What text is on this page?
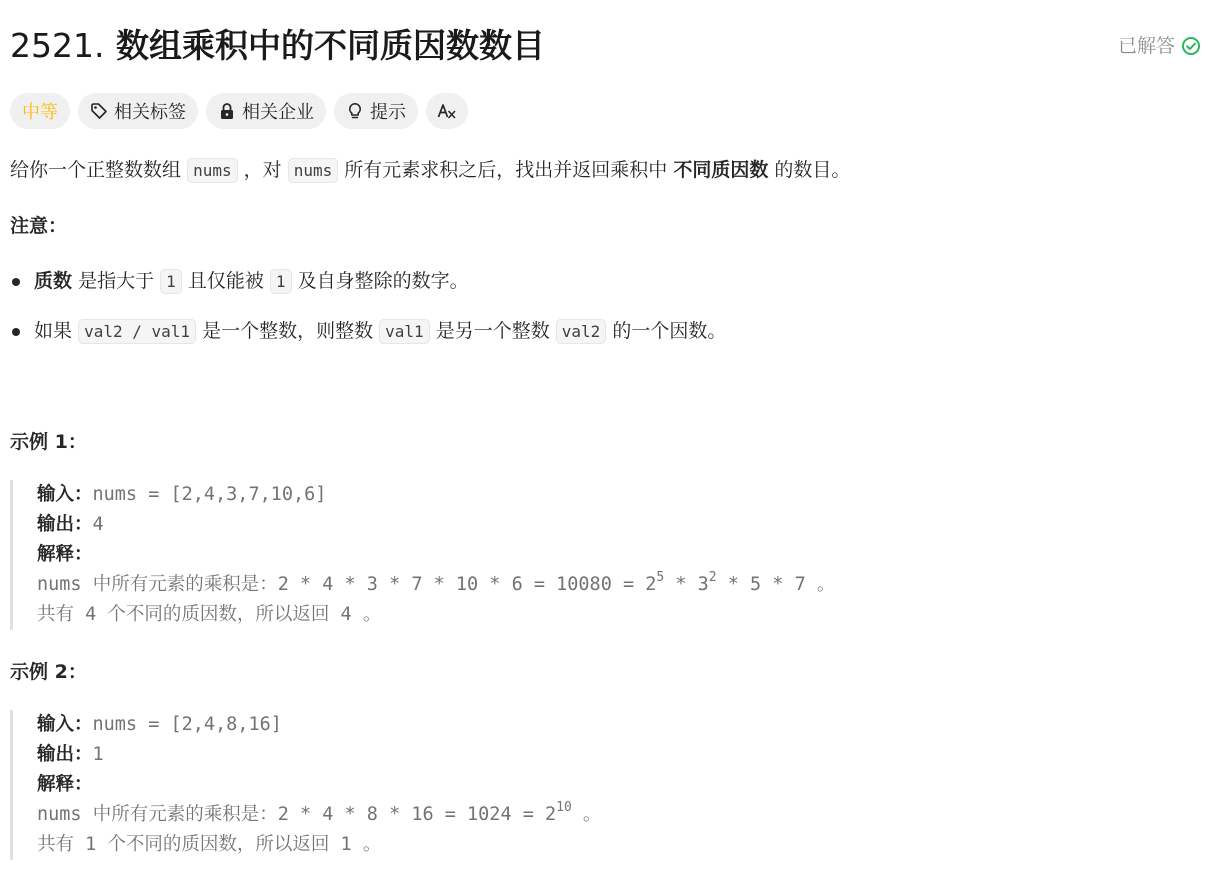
2521. 数组乘积中的不同质因数数目	已解答
中等	相关标签	相关企业	提示
给你一个正整数数组 nums ，对 nums 所有元素求积之后，找出并返回乘积中 不同质因数 的数目。
注意：
质数 是指大于 1 且仅能被 1 及自身整除的数字。
如果 val2 / val1 是一个整数，则整数 val1 是另一个整数 val2 的一个因数。
示例 1：
输入：nums = [2,4,3,7,10,6]
输出：4
解释：
nums 中所有元素的乘积是：$2 * 4 * 3 * 7 * 10 * 6 = 10080 = 2^5 * 3^2 * 5 * 7$ 。
共有 4 个不同的质因数，所以返回 4 。
示例 2：
输入：nums = [2,4,8,16]
输出：1
解释：
nums 中所有元素的乘积是：$2 * 4 * 8 * 16 = 1024 = 2^{10}$ 。
共有 1 个不同的质因数，所以返回 1 。
